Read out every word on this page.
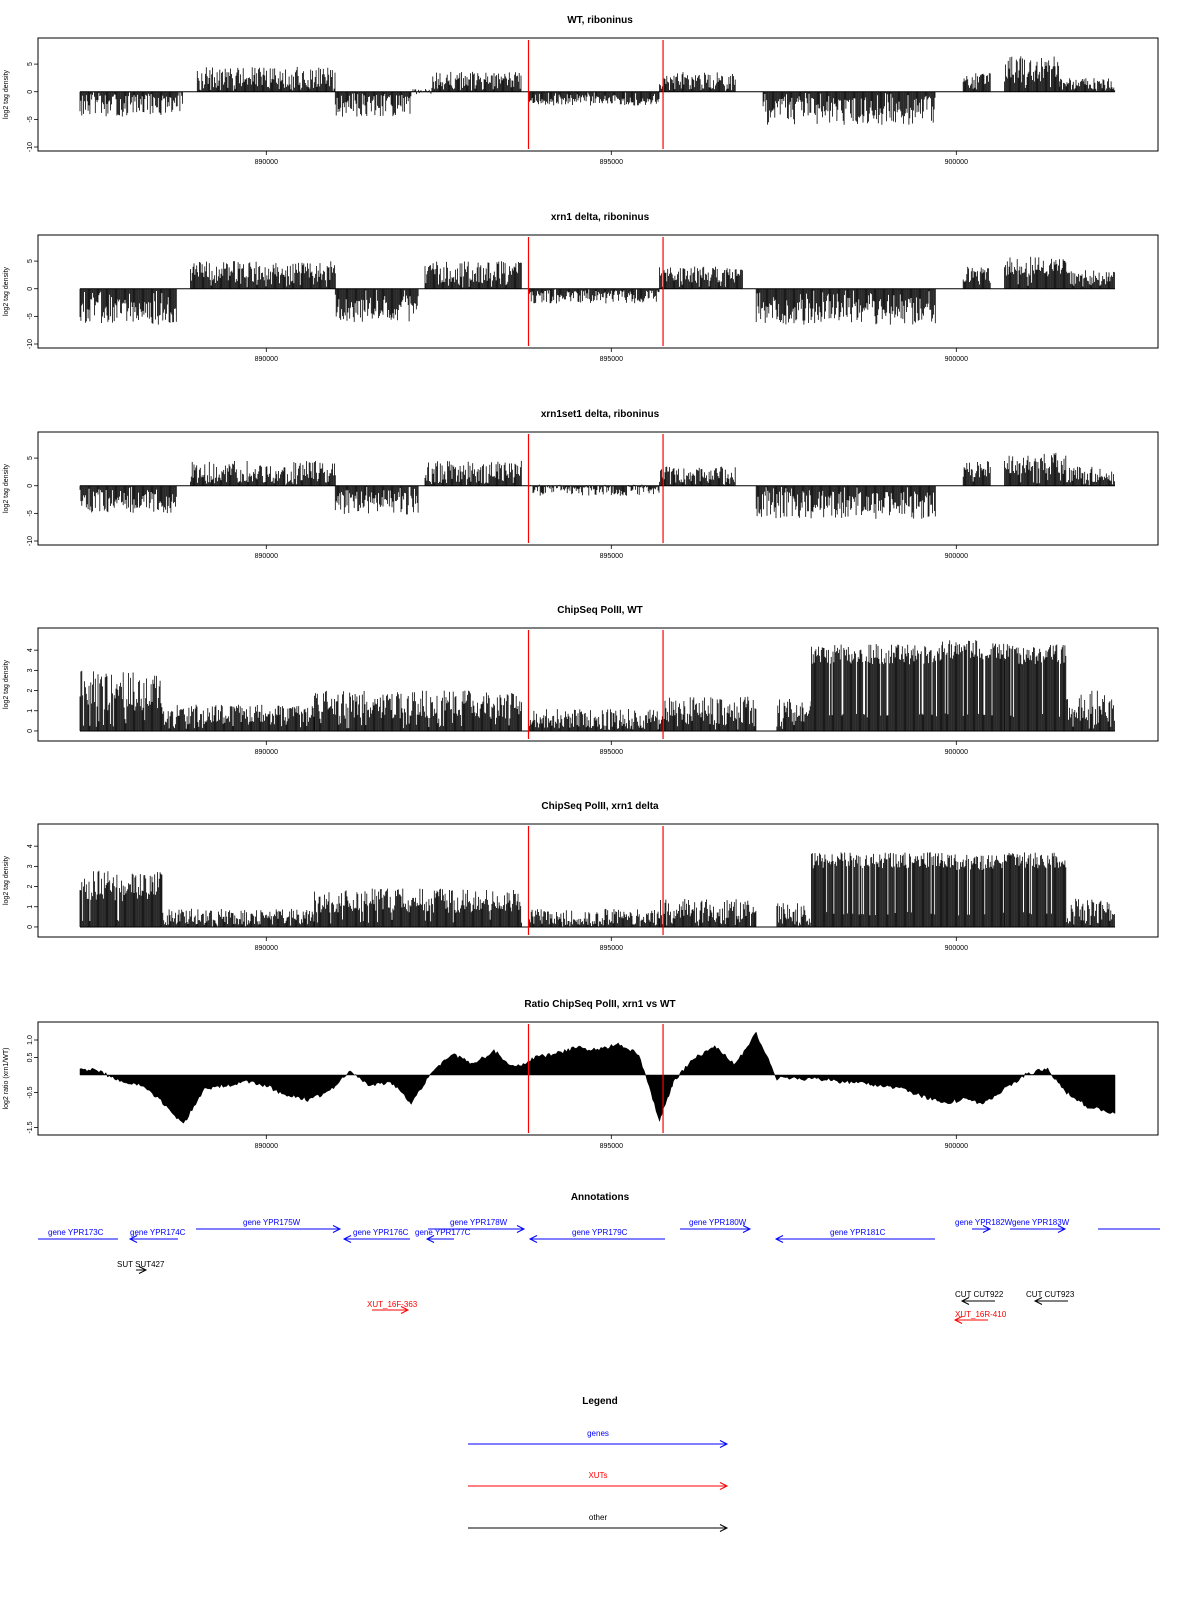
WT, riboninus
-10
-5
0
5
log2 tag density
890000	895000	900000
xrn1 delta, riboninus
-10
-5
0
5
log2 tag density
890000	895000	900000
xrn1set1 delta, riboninus
-10
-5
0
5
log2 tag density
890000	895000	900000
ChipSeq PolII, WT
0
1
2
3
4
log2 tag density
890000	895000	900000
ChipSeq PolII, xrn1 delta
0
1
2
3
4
log2 tag density
890000	895000	900000
Ratio ChipSeq PolII, xrn1 vs WT
-1.5
-0.5
0.5
1.0
log2 ratio (xrn1/WT)
890000	895000	900000
Annotations
gene YPR173C	gene YPR174C
gene YPR175W
gene YPR176C gene YPR177C
gene YPR178W
gene YPR179C
gene YPR180W
gene YPR181C
gene YPR182W gene YPR183W
SUT SUT427
XUT_16F-363
CUT CUT922	CUT CUT923
XUT_16R-410
Legend
genes
XUTs
other
